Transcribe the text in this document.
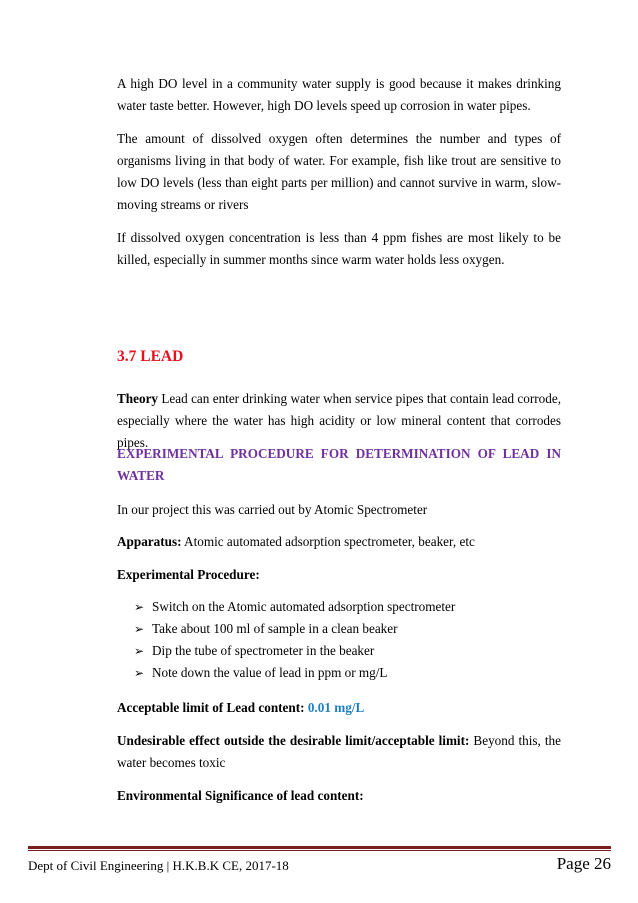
A high DO level in a community water supply is good because it makes drinking water taste better. However, high DO levels speed up corrosion in water pipes.

The amount of dissolved oxygen often determines the number and types of organisms living in that body of water. For example, fish like trout are sensitive to low DO levels (less than eight parts per million) and cannot survive in warm, slow-moving streams or rivers

If dissolved oxygen concentration is less than 4 ppm fishes are most likely to be killed, especially in summer months since warm water holds less oxygen.

3.7 LEAD

Theory Lead can enter drinking water when service pipes that contain lead corrode, especially where the water has high acidity or low mineral content that corrodes pipes.

EXPERIMENTAL PROCEDURE FOR DETERMINATION OF LEAD IN
WATER

In our project this was carried out by Atomic Spectrometer

Apparatus: Atomic automated adsorption spectrometer, beaker, etc

Experimental Procedure:

➢ Switch on the Atomic automated adsorption spectrometer
➢ Take about 100 ml of sample in a clean beaker
➢ Dip the tube of spectrometer in the beaker
➢ Note down the value of lead in ppm or mg/L

Acceptable limit of Lead content: 0.01 mg/L

Undesirable effect outside the desirable limit/acceptable limit: Beyond this, the water becomes toxic

Environmental Significance of lead content:

Dept of Civil Engineering | H.K.B.K CE, 2017-18	Page 26
